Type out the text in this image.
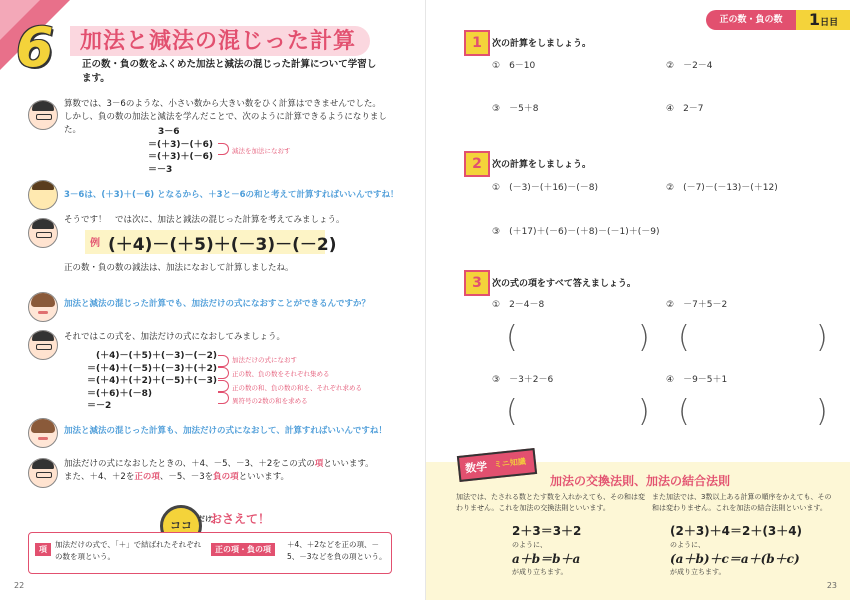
6 加法と減法の混じった計算
正の数・負の数をふくめた加法と減法の混じった計算について学習します。
算数では、3－6のような、小さい数から大きい数をひく計算はできませんでした。しかし、負の数の加法と減法を学んだことで、次のように計算できるようになりました。	3－6
＝(＋3)－(＋6)
＝(＋3)＋(－6)
＝－3
減法を加法になおす
3－6は、(＋3)＋(－6) となるから、＋3と－6の和と考えて計算すればいいんですね！
そうです！　では次に、加法と減法の混じった計算を考えてみましょう。
例 (＋4)－(＋5)＋(－3)－(－2)
正の数・負の数の減法は、加法になおして計算しましたね。
加法と減法の混じった計算でも、加法だけの式になおすことができるんですか？
それではこの式を、加法だけの式になおしてみましょう。
(＋4)－(＋5)＋(－3)－(－2)
＝(＋4)＋(－5)＋(－3)＋(＋2)
＝(＋4)＋(＋2)＋(－5)＋(－3)
＝(＋6)＋(－8)
＝－2
加法だけの式になおす
正の数、負の数をそれぞれ集める
正の数の和、負の数の和を、それぞれ求める
異符号の2数の和を求める
加法と減法の混じった計算も、加法だけの式になおして、計算すればいいんですね！
加法だけの式になおしたときの、＋4、－5、－3、＋2をこの式の項といいます。
また、＋4、＋2を正の項、－5、－3を負の項といいます。
ココ だけ
おさえて！
項
加法だけの式で、「＋」で結ばれたそれぞれの数を項という。
正の項・負の項
＋4、＋2などを正の項、－5、－3などを負の項という。
22
正の数・負の数	1日目
1	次の計算をしましょう。
①　6－10	②　－2－4
③　－5＋8	④　2－7
2	次の計算をしましょう。
①　(－3)－(＋16)－(－8)	②　(－7)－(－13)－(＋12)
③　(＋17)＋(－6)－(＋8)－(－1)＋(－9)
3	次の式の項をすべて答えましょう。
①　2－4－8	②　－7＋5－2
(	) (	)
③　－3＋2－6	④　－9－5＋1
(	) (	)
数学 ミニ知識
加法の交換法則、加法の結合法則
加法では、たされる数とたす数を入れかえても、その和は変わりません。これを加法の交換法則といいます。
2＋3＝3＋2
のように、
a＋b＝b＋a
が成り立ちます。
また加法では、3数以上ある計算の順序をかえても、その和は変わりません。これを加法の結合法則といいます。
(2＋3)＋4＝2＋(3＋4)
のように、
(a＋b)＋c＝a＋(b＋c)
が成り立ちます。
23
